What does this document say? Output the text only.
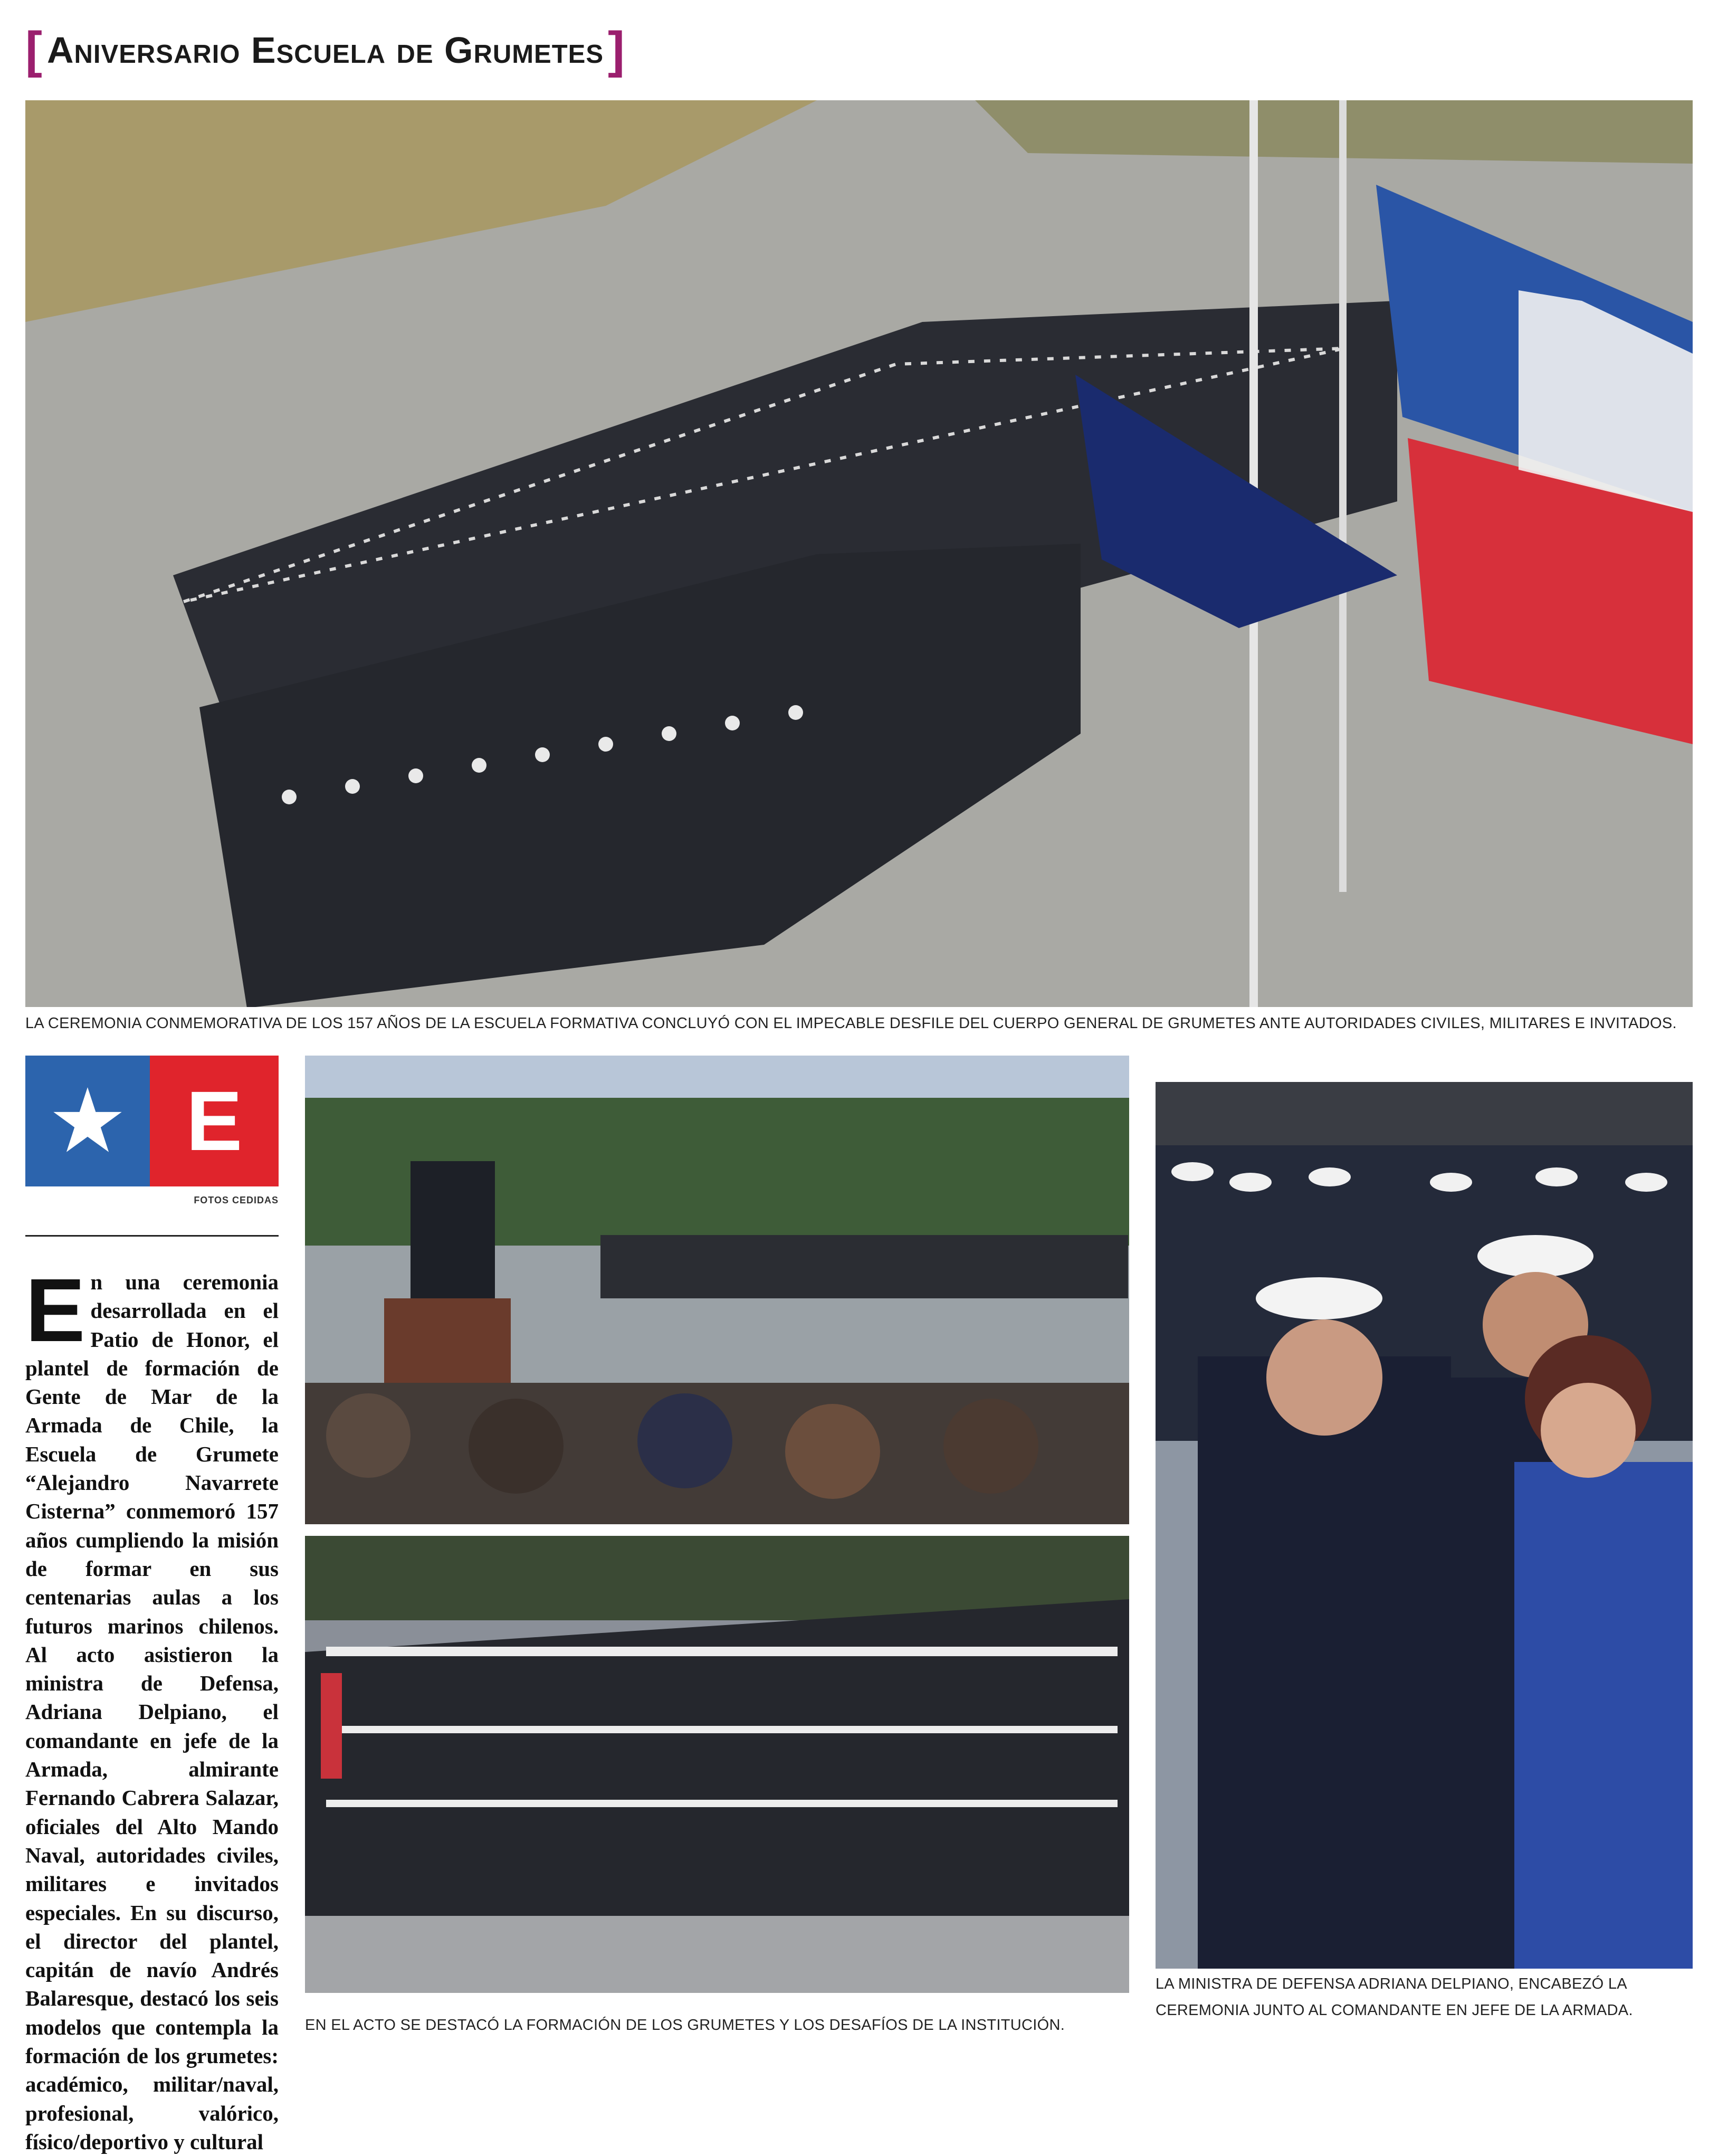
[ Aniversario Escuela de Grumetes ]
LA CEREMONIA CONMEMORATIVA DE LOS 157 AÑOS DE LA ESCUELA FORMATIVA CONCLUYÓ CON EL IMPECABLE DESFILE DEL CUERPO GENERAL DE GRUMETES ANTE AUTORIDADES CIVILES, MILITARES E INVITADOS.
★ E
FOTOS CEDIDAS
E n una ceremonia desarrollada en el Patio de Honor, el plantel de formación de Gente de Mar de la Armada de Chile, la Escuela de Grumete “Alejandro Navarrete Cisterna” conmemoró 157 años cumpliendo la misión de formar en sus centenarias aulas a los futuros marinos chilenos. Al acto asistieron la ministra de Defensa, Adriana Delpiano, el comandante en jefe de la Armada, almirante Fernando Cabrera Salazar, oficiales del Alto Mando Naval, autoridades civiles, militares e invitados especiales. En su discurso, el director del plantel, capitán de navío Andrés Balaresque, destacó los seis modelos que contempla la formación de los grumetes: académico, militar/naval, profesional, valórico, físico/deportivo y cultural
EN EL ACTO SE DESTACÓ LA FORMACIÓN DE LOS GRUMETES Y LOS DESAFÍOS DE LA INSTITUCIÓN.
LA MINISTRA DE DEFENSA ADRIANA DELPIANO, ENCABEZÓ LA
CEREMONIA JUNTO AL COMANDANTE EN JEFE DE LA ARMADA.
